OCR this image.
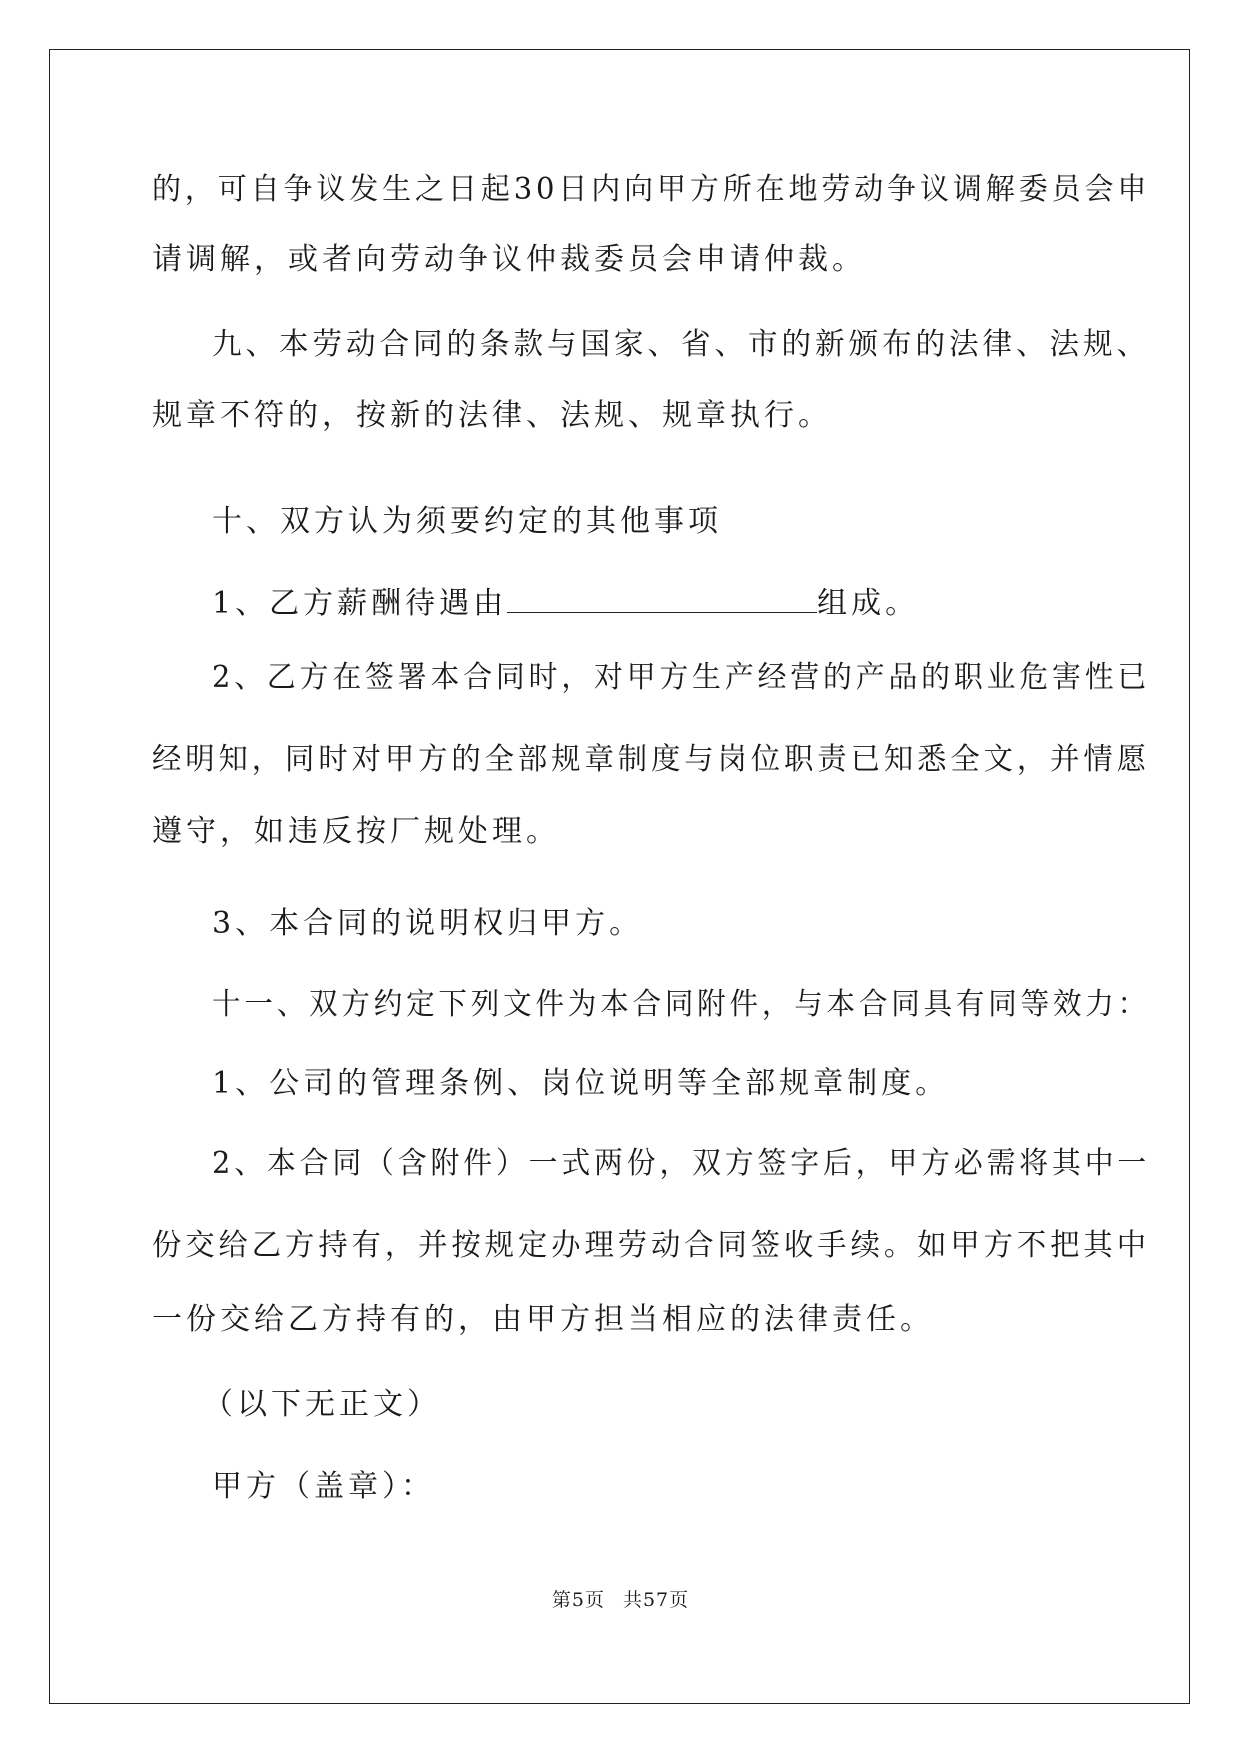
的，可自争议发生之日起30日内向甲方所在地劳动争议调解委员会申
请调解，或者向劳动争议仲裁委员会申请仲裁。
九、本劳动合同的条款与国家、省、市的新颁布的法律、法规、
规章不符的，按新的法律、法规、规章执行。
十、双方认为须要约定的其他事项
1、乙方薪酬待遇由	组成。
2、乙方在签署本合同时，对甲方生产经营的产品的职业危害性已
经明知，同时对甲方的全部规章制度与岗位职责已知悉全文，并情愿
遵守，如违反按厂规处理。
3、本合同的说明权归甲方。
十一、双方约定下列文件为本合同附件，与本合同具有同等效力：
1、公司的管理条例、岗位说明等全部规章制度。
2、本合同（含附件）一式两份，双方签字后，甲方必需将其中一
份交给乙方持有，并按规定办理劳动合同签收手续。如甲方不把其中
一份交给乙方持有的，由甲方担当相应的法律责任。
（以下无正文）
甲方（盖章）：
第5页 共57页
